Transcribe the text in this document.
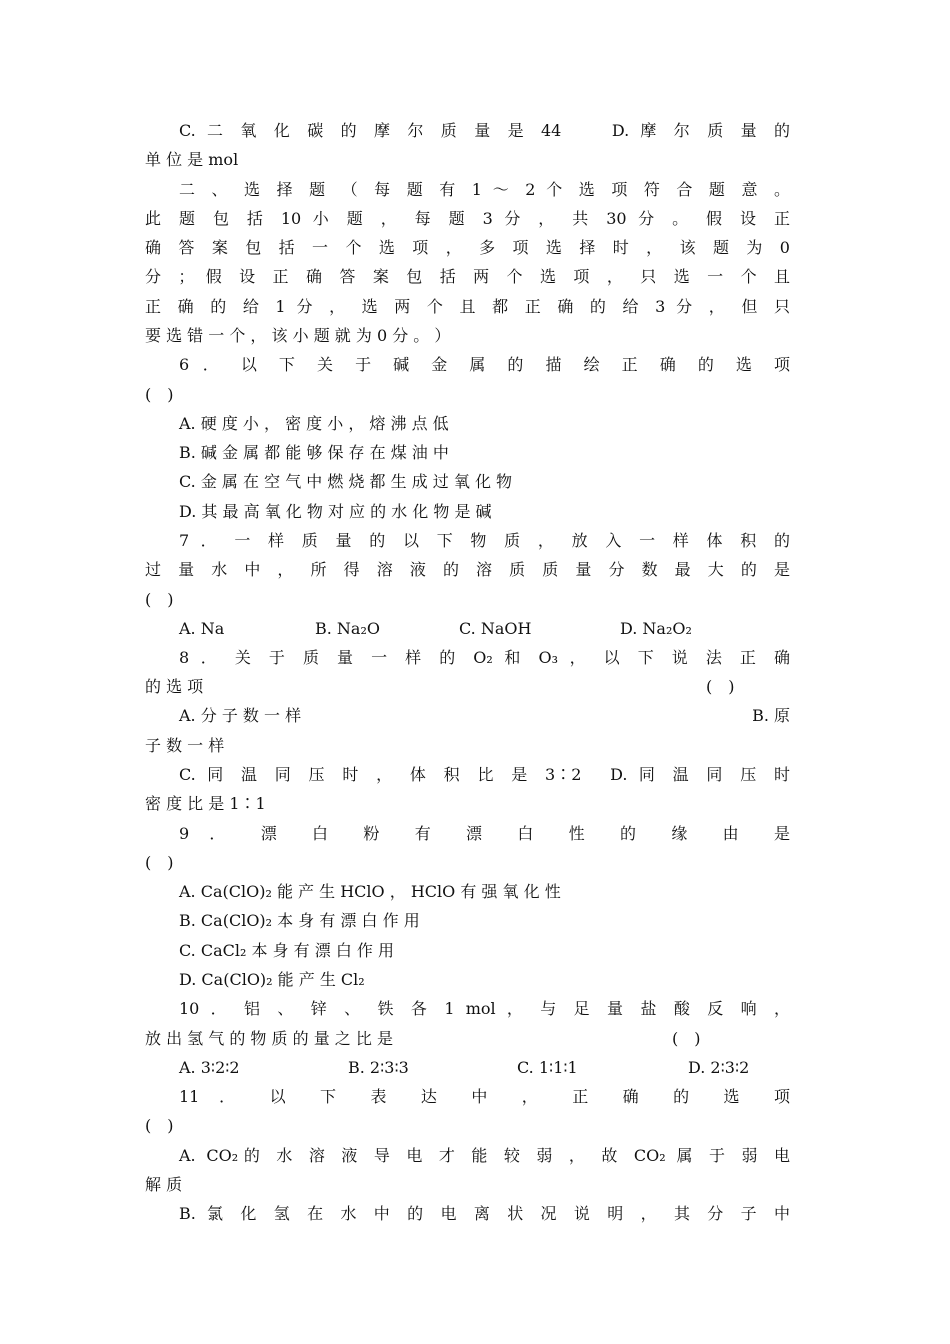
C. 二 氧 化 碳 的 摩 尔 质 量 是 44　　D. 摩 尔 质 量 的
单 位 是 mol
二 、 选 择 题 （ 每 题 有 1 ～ 2 个 选 项 符 合 题 意 。
此 题 包 括 10 小 题 ， 每 题 3 分 ， 共 30 分 。 假 设 正
确 答 案 包 括 一 个 选 项 ， 多 项 选 择 时 ， 该 题 为 0
分 ； 假 设 正 确 答 案 包 括 两 个 选 项 ， 只 选 一 个 且
正 确 的 给 1 分 ， 选 两 个 且 都 正 确 的 给 3 分 ， 但 只
要 选 错 一 个 ， 该 小 题 就 为 0 分 。 ）
6 ． 以 下 关 于 碱 金 属 的 描 绘 正 确 的 选 项
(　)
A. 硬 度 小 ， 密 度 小 ， 熔 沸 点 低
B. 碱 金 属 都 能 够 保 存 在 煤 油 中
C. 金 属 在 空 气 中 燃 烧 都 生 成 过 氧 化 物
D. 其 最 高 氧 化 物 对 应 的 水 化 物 是 碱
7 ． 一 样 质 量 的 以 下 物 质 ， 放 入 一 样 体 积 的
过 量 水 中 ， 所 得 溶 液 的 溶 质 质 量 分 数 最 大 的 是
(　)
A. Na	B. Na₂O	C. NaOH	D. Na₂O₂
8 ． 关 于 质 量 一 样 的 O₂ 和 O₃ ， 以 下 说 法 正 确
的 选 项	(　)
A. 分 子 数 一 样	B. 原
子 数 一 样
C. 同 温 同 压 时 ， 体 积 比 是 3∶2　D. 同 温 同 压 时
密 度 比 是 1∶1
9 ． 漂 白 粉 有 漂 白 性 的 缘 由 是
(　)
A. Ca(ClO)₂ 能 产 生 HClO ， HClO 有 强 氧 化 性
B. Ca(ClO)₂ 本 身 有 漂 白 作 用
C. CaCl₂ 本 身 有 漂 白 作 用
D. Ca(ClO)₂ 能 产 生 Cl₂
10 ． 铝 、 锌 、 铁 各 1 mol ， 与 足 量 盐 酸 反 响 ，
放 出 氢 气 的 物 质 的 量 之 比 是	(　)
A. 3∶2∶2	B. 2∶3∶3	C. 1∶1∶1	D. 2∶3∶2
11 ． 以 下 表 达 中 ， 正 确 的 选 项
(　)
A. CO₂的 水 溶 液 导 电 才 能 较 弱 ， 故 CO₂ 属 于 弱 电
解 质
B. 氯 化 氢 在 水 中 的 电 离 状 况 说 明 ， 其 分 子 中
